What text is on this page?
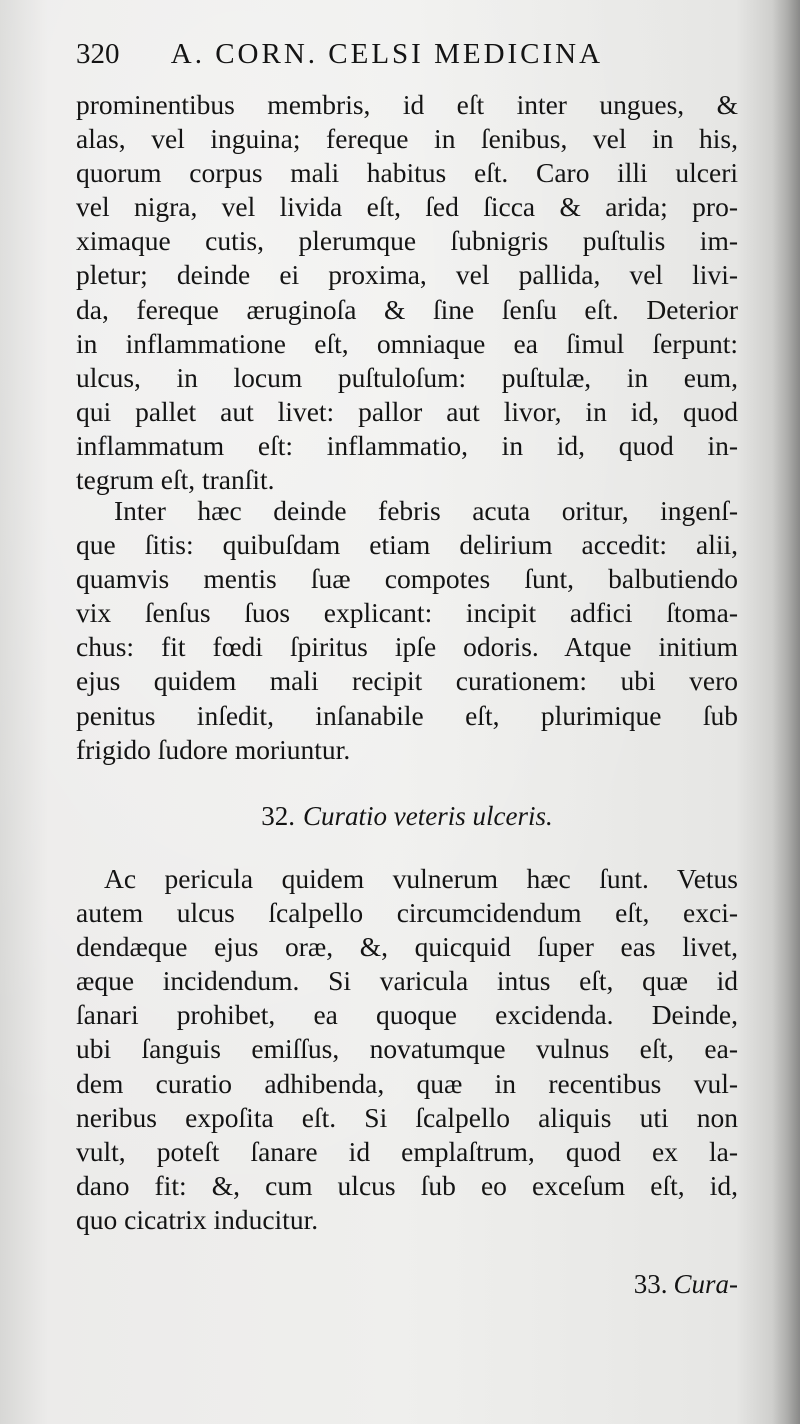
320 A. CORN. CELSI MEDICINA
prominentibus membris, id eſt inter ungues, &
alas, vel inguina; fereque in ſenibus, vel in his,
quorum corpus mali habitus eſt. Caro illi ulceri
vel nigra, vel livida eſt, ſed ſicca & arida; pro-
ximaque cutis, plerumque ſubnigris puſtulis im-
pletur; deinde ei proxima, vel pallida, vel livi-
da, fereque æruginoſa & ſine ſenſu eſt. Deterior
in inflammatione eſt, omniaque ea ſimul ſerpunt:
ulcus, in locum puſtuloſum: puſtulæ, in eum,
qui pallet aut livet: pallor aut livor, in id, quod
inflammatum eſt: inflammatio, in id, quod in-
tegrum eſt, tranſit.
Inter hæc deinde febris acuta oritur, ingenſ-
que ſitis: quibuſdam etiam delirium accedit: alii,
quamvis mentis ſuæ compotes ſunt, balbutiendo
vix ſenſus ſuos explicant: incipit adfici ſtoma-
chus: fit fœdi ſpiritus ipſe odoris. Atque initium
ejus quidem mali recipit curationem: ubi vero
penitus inſedit, inſanabile eſt, plurimique ſub
frigido ſudore moriuntur.
32. Curatio veteris ulceris.
Ac pericula quidem vulnerum hæc ſunt. Vetus
autem ulcus ſcalpello circumcidendum eſt, exci-
dendæque ejus oræ, &, quicquid ſuper eas livet,
æque incidendum. Si varicula intus eſt, quæ id
ſanari prohibet, ea quoque excidenda. Deinde,
ubi ſanguis emiſſus, novatumque vulnus eſt, ea-
dem curatio adhibenda, quæ in recentibus vul-
neribus expoſita eſt. Si ſcalpello aliquis uti non
vult, poteſt ſanare id emplaſtrum, quod ex la-
dano fit: &, cum ulcus ſub eo exceſum eſt, id,
quo cicatrix inducitur.
33. Cura-
